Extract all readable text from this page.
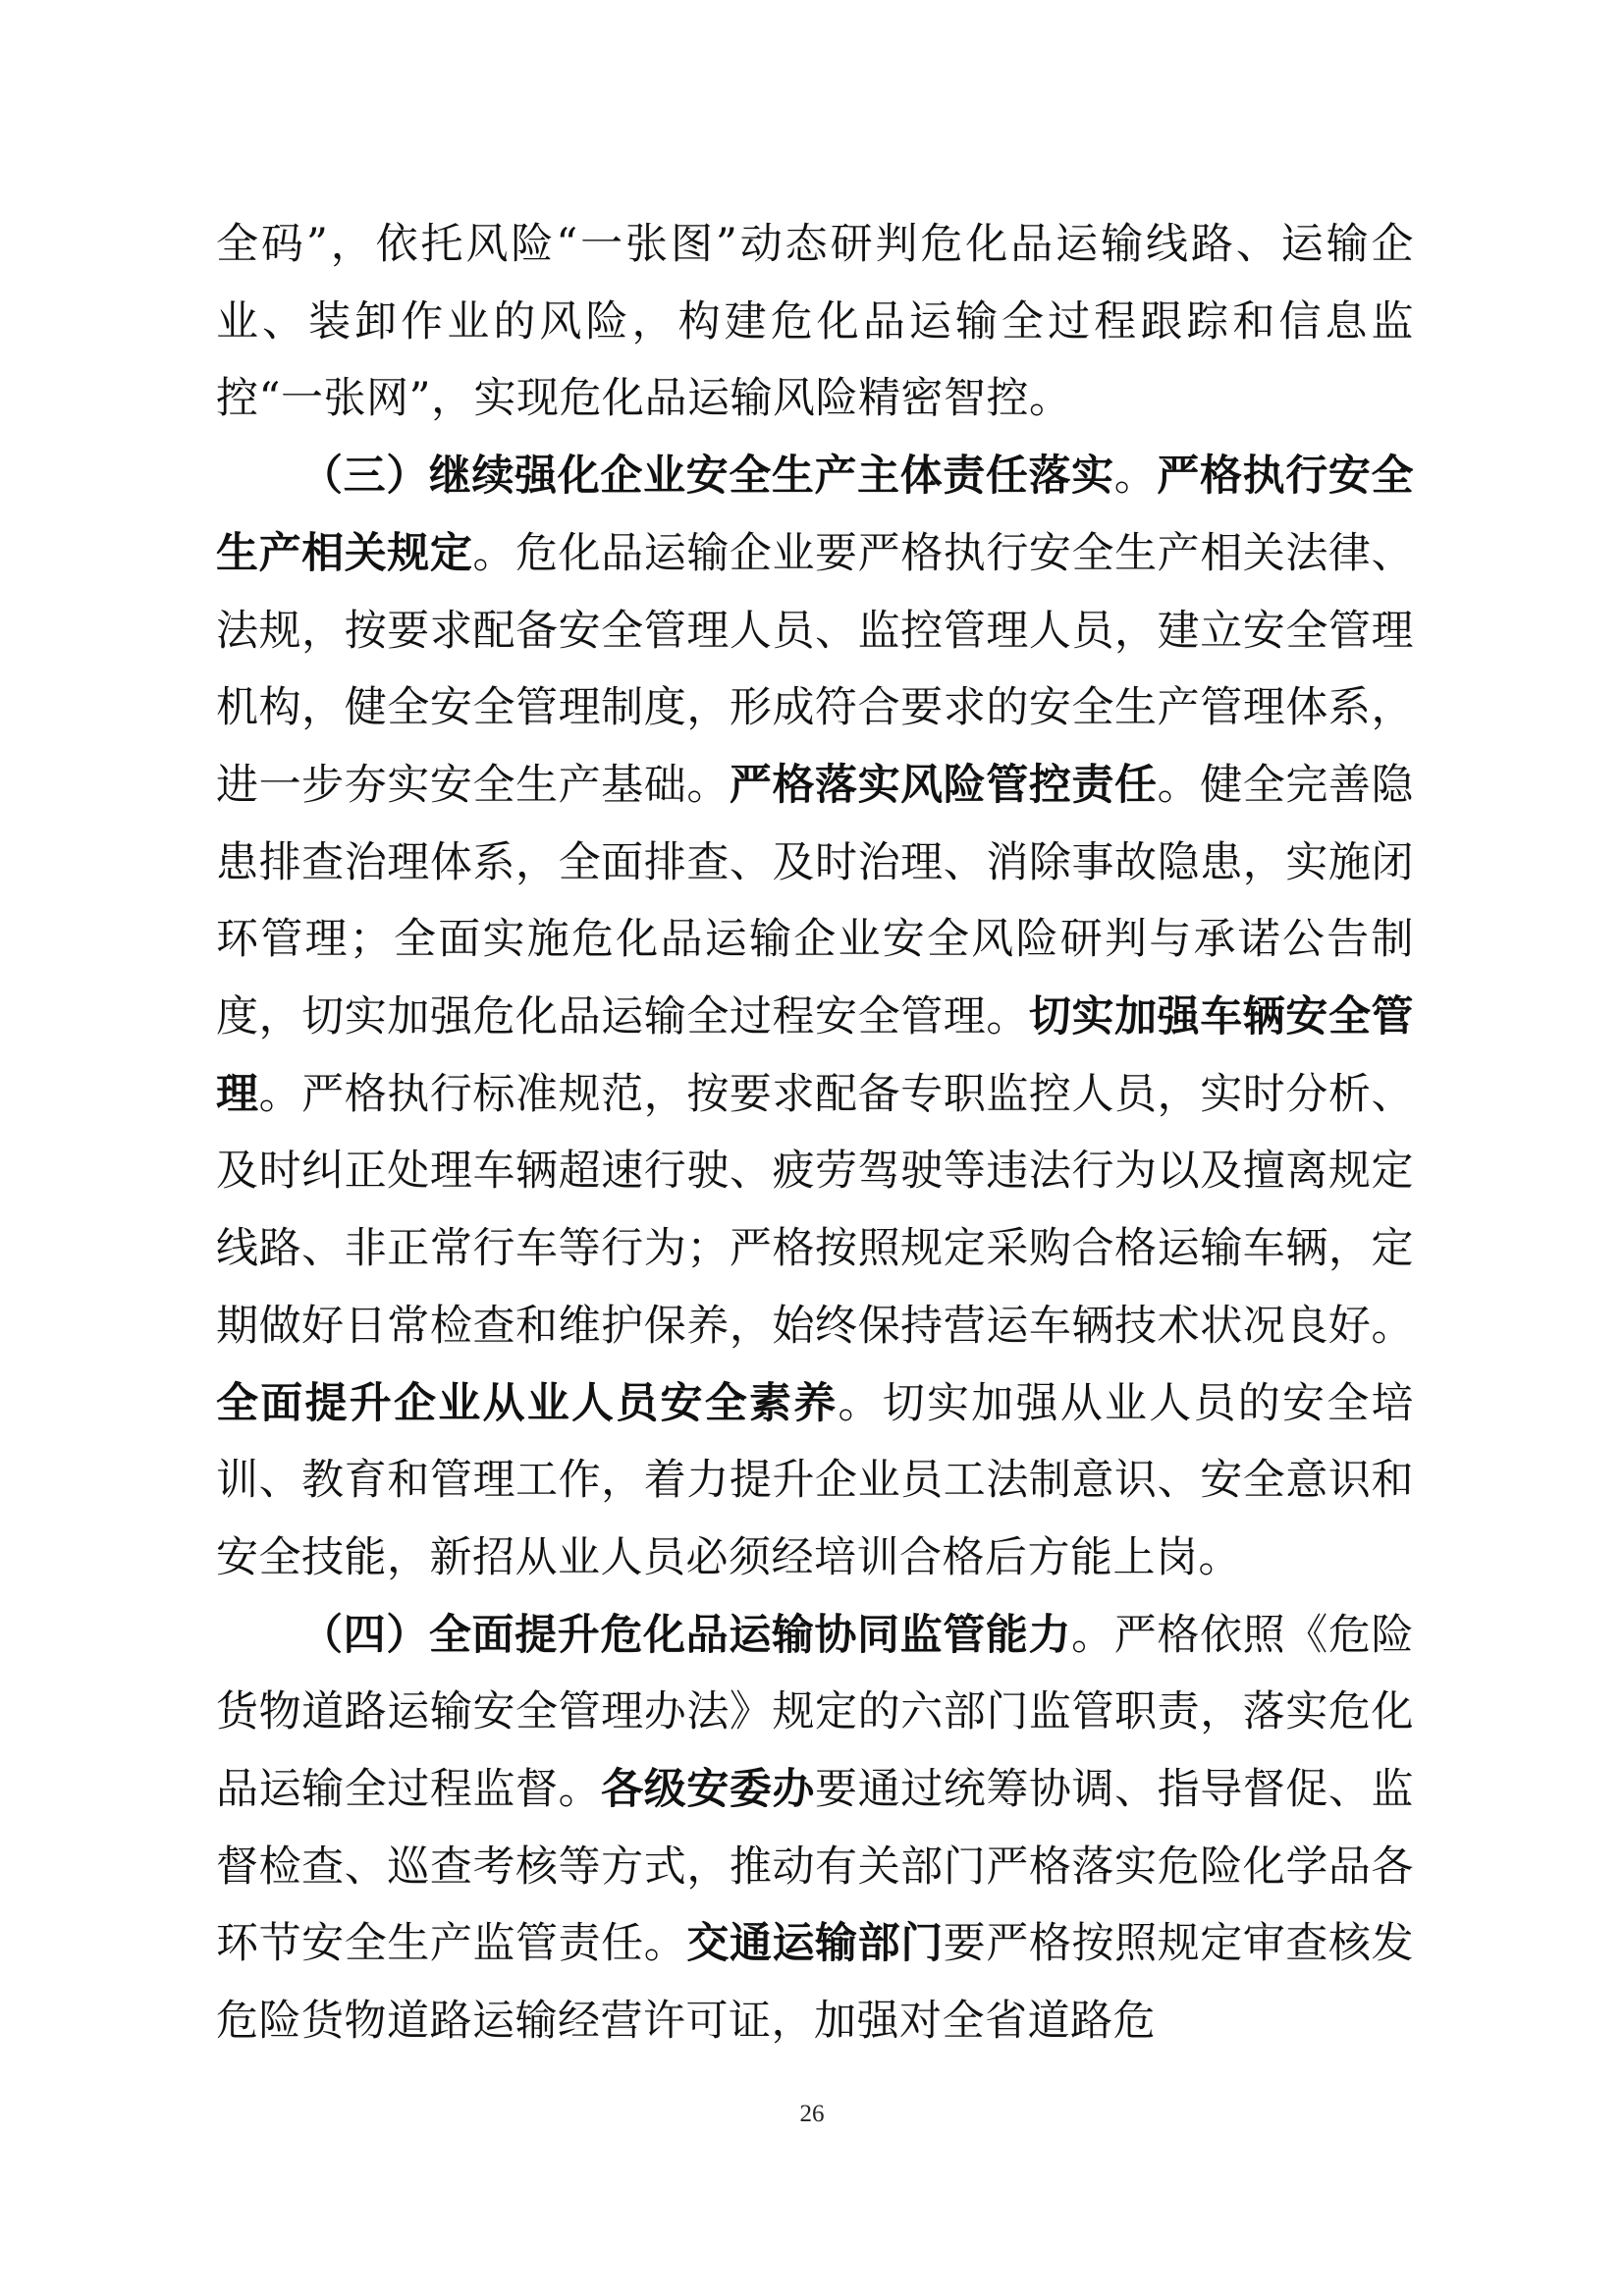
全码”，依托风险“一张图”动态研判危化品运输线路、运输企业、装卸作业的风险，构建危化品运输全过程跟踪和信息监控“一张网”，实现危化品运输风险精密智控。

（三）继续强化企业安全生产主体责任落实。严格执行安全生产相关规定。危化品运输企业要严格执行安全生产相关法律、法规，按要求配备安全管理人员、监控管理人员，建立安全管理机构，健全安全管理制度，形成符合要求的安全生产管理体系，进一步夯实安全生产基础。严格落实风险管控责任。健全完善隐患排查治理体系，全面排查、及时治理、消除事故隐患，实施闭环管理；全面实施危化品运输企业安全风险研判与承诺公告制度，切实加强危化品运输全过程安全管理。切实加强车辆安全管理。严格执行标准规范，按要求配备专职监控人员，实时分析、及时纠正处理车辆超速行驶、疲劳驾驶等违法行为以及擅离规定线路、非正常行车等行为；严格按照规定采购合格运输车辆，定期做好日常检查和维护保养，始终保持营运车辆技术状况良好。全面提升企业从业人员安全素养。切实加强从业人员的安全培训、教育和管理工作，着力提升企业员工法制意识、安全意识和安全技能，新招从业人员必须经培训合格后方能上岗。

（四）全面提升危化品运输协同监管能力。严格依照《危险货物道路运输安全管理办法》规定的六部门监管职责，落实危化品运输全过程监督。各级安委办要通过统筹协调、指导督促、监督检查、巡查考核等方式，推动有关部门严格落实危险化学品各环节安全生产监管责任。交通运输部门要严格按照规定审查核发危险货物道路运输经营许可证，加强对全省道路危

26
